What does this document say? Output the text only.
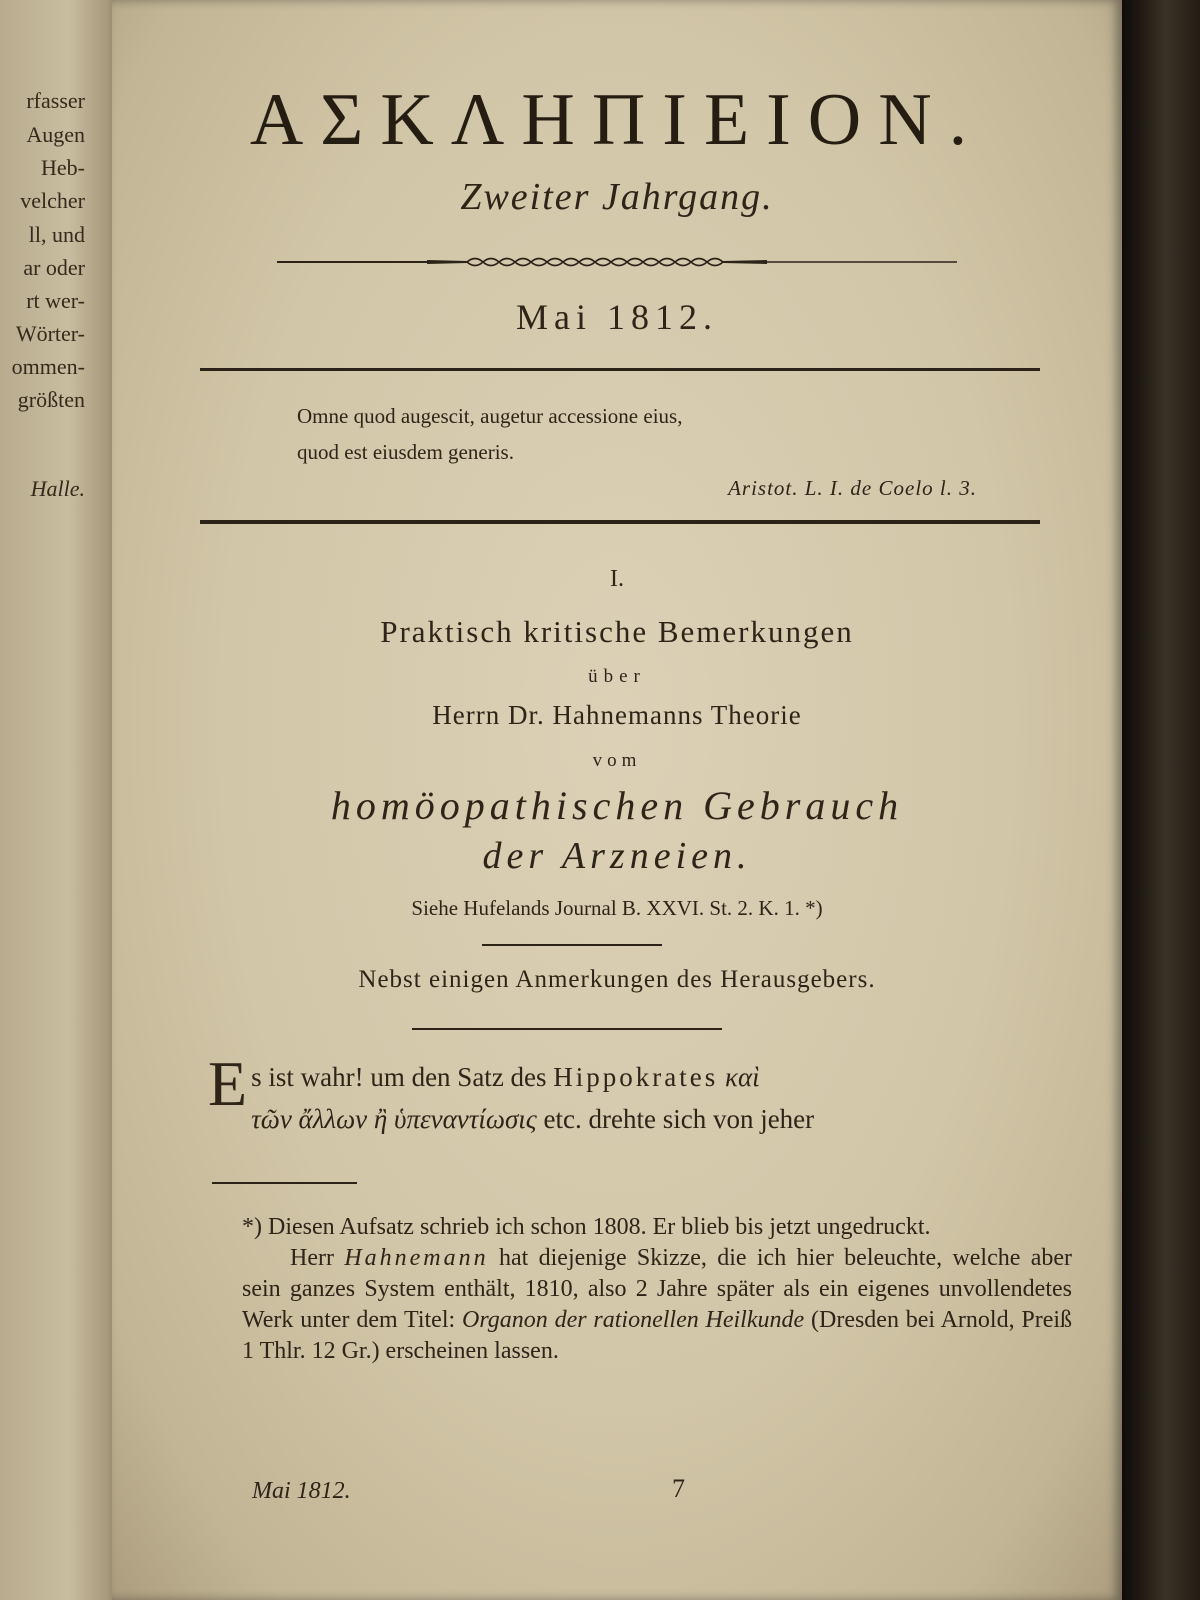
rfasser
Augen
Heb-
velcher
ll, und
ar oder
rt wer-
Wörter-
ommen-
größten
Halle.
ΑΣΚΛΗΠΙΕΙΟΝ.
Zweiter Jahrgang.
Mai 1812.
Omne quod augescit, augetur accessione eius,
quod est eiusdem generis.
Aristot. L. I. de Coelo l. 3.
I.
Praktisch kritische Bemerkungen
über
Herrn Dr. Hahnemanns Theorie
vom
homöopathischen Gebrauch
der Arzneien.
Siehe Hufelands Journal B. XXVI. St. 2. K. 1. *)
Nebst einigen Anmerkungen des Herausgebers.
E s ist wahr! um den Satz des Hippokrates καὶ
τῶν ἄλλων ἢ ὑπεναντίωσις etc. drehte sich von jeher

*) Diesen Aufsatz schrieb ich schon 1808. Er blieb bis jetzt ungedruckt.

Herr Hahnemann hat diejenige Skizze, die ich hier beleuchte, welche aber sein ganzes System enthält, 1810, also 2 Jahre später als ein eigenes unvollendetes Werk unter dem Titel: Organon der rationellen Heilkunde (Dresden bei Arnold, Preiß 1 Thlr. 12 Gr.) erscheinen lassen.

Mai 1812.	7
